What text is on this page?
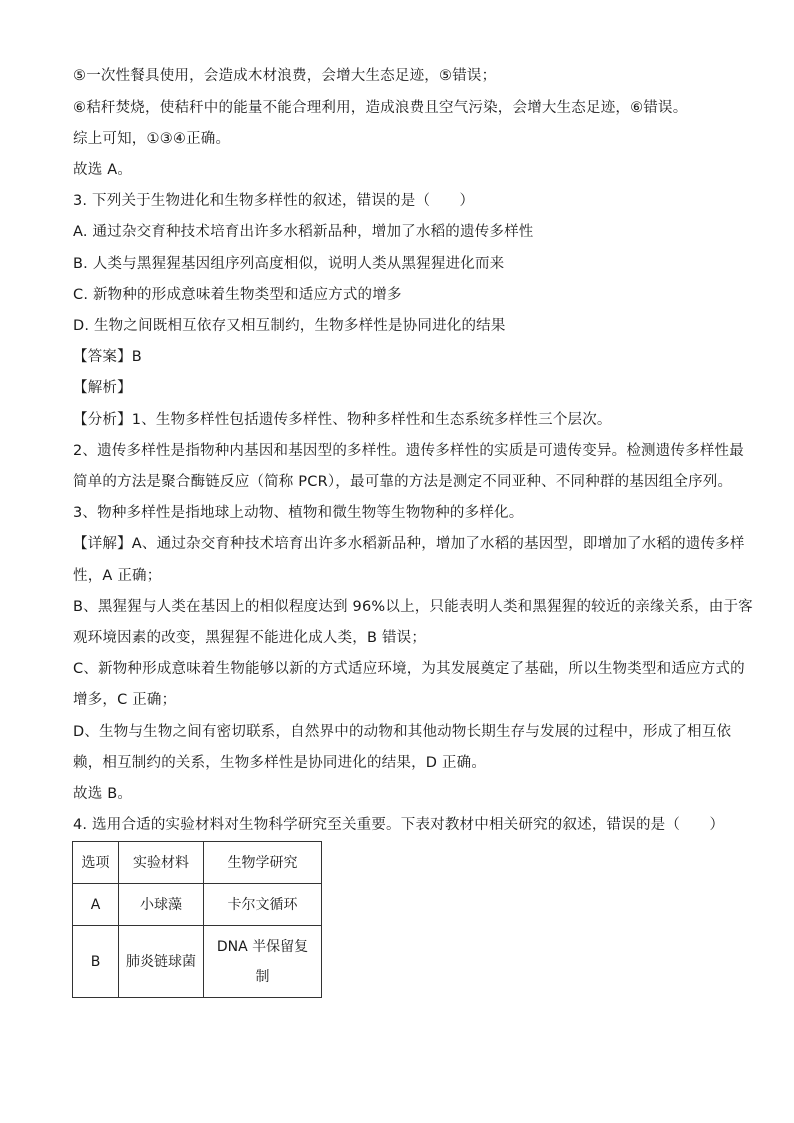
⑤一次性餐具使用，会造成木材浪费，会增大生态足迹，⑤错误；
⑥秸秆焚烧，使秸秆中的能量不能合理利用，造成浪费且空气污染，会增大生态足迹，⑥错误。
综上可知，①③④正确。
故选 A。
3. 下列关于生物进化和生物多样性的叙述，错误的是（　　）
A. 通过杂交育种技术培育出许多水稻新品种，增加了水稻的遗传多样性
B. 人类与黑猩猩基因组序列高度相似，说明人类从黑猩猩进化而来
C. 新物种的形成意味着生物类型和适应方式的增多
D. 生物之间既相互依存又相互制约，生物多样性是协同进化的结果
【答案】B
【解析】
【分析】1、生物多样性包括遗传多样性、物种多样性和生态系统多样性三个层次。
2、遗传多样性是指物种内基因和基因型的多样性。遗传多样性的实质是可遗传变异。检测遗传多样性最
简单的方法是聚合酶链反应（简称 PCR），最可靠的方法是测定不同亚种、不同种群的基因组全序列。
3、物种多样性是指地球上动物、植物和微生物等生物物种的多样化。
【详解】A、通过杂交育种技术培育出许多水稻新品种，增加了水稻的基因型，即增加了水稻的遗传多样
性，A 正确；
B、黑猩猩与人类在基因上的相似程度达到 96%以上，只能表明人类和黑猩猩的较近的亲缘关系，由于客
观环境因素的改变，黑猩猩不能进化成人类，B 错误；
C、新物种形成意味着生物能够以新的方式适应环境，为其发展奠定了基础，所以生物类型和适应方式的
增多，C 正确；
D、生物与生物之间有密切联系，自然界中的动物和其他动物长期生存与发展的过程中，形成了相互依
赖，相互制约的关系，生物多样性是协同进化的结果，D 正确。
故选 B。
4. 选用合适的实验材料对生物科学研究至关重要。下表对教材中相关研究的叙述，错误的是（　　）
选项	实验材料	生物学研究
A	小球藻	卡尔文循环
B	肺炎链球菌	DNA 半保留复制
